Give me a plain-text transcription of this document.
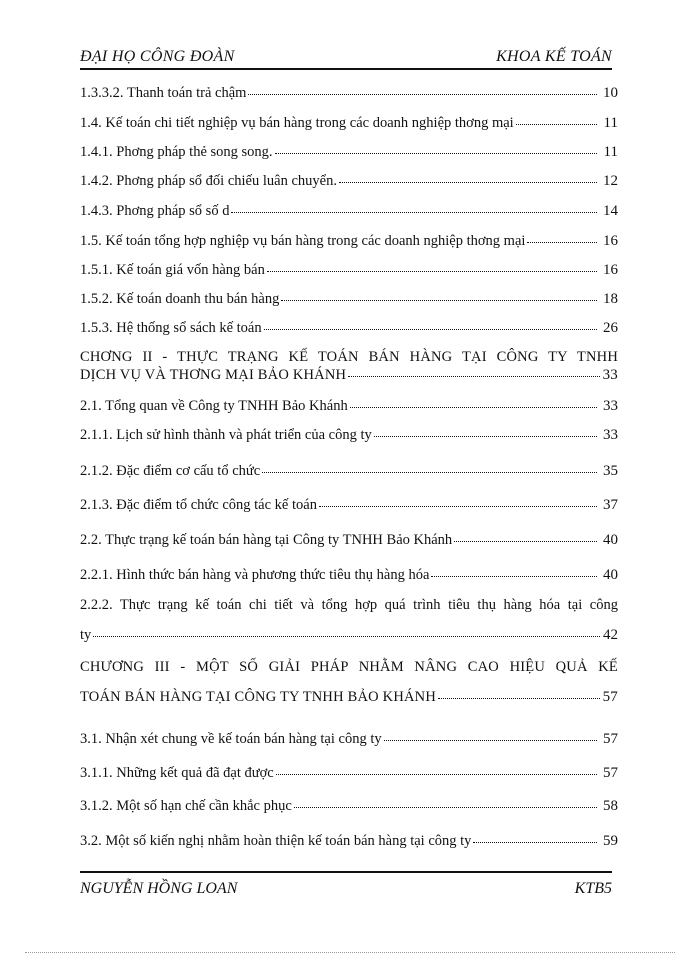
ĐẠI HỌ CÔNG ĐOÀN	KHOA KẾ TOÁN
1.3.3.2. Thanh toán trả chậm	10
1.4. Kế toán chi tiết nghiệp vụ bán hàng trong các doanh nghiệp thơng mại	11
1.4.1. Phơng pháp thẻ song song.	11
1.4.2. Phơng pháp sổ đối chiếu luân chuyển.	12
1.4.3. Phơng pháp sổ số d	14
1.5. Kế toán tổng hợp nghiệp vụ bán hàng trong các doanh nghiệp thơng mại	16
1.5.1. Kế toán giá vốn hàng bán	16
1.5.2. Kế toán doanh thu bán hàng	18
1.5.3. Hệ thống sổ sách kế toán	26
CHƠNG II - THỰC TRẠNG KẾ TOÁN BÁN HÀNG TẠI CÔNG TY TNHH
DỊCH VỤ VÀ THƠNG MẠI BẢO KHÁNH	33
2.1. Tổng quan về Công ty TNHH Bảo Khánh	33
2.1.1. Lịch sử hình thành và phát triển của công ty	33
2.1.2. Đặc điểm cơ cấu tổ chức	35
2.1.3. Đặc điểm tổ chức công tác kế toán	37
2.2. Thực trạng kế toán bán hàng tại Công ty TNHH Bảo Khánh	40
2.2.1. Hình thức bán hàng và phương thức tiêu thụ hàng hóa	40
2.2.2. Thực trạng kế toán chi tiết và tổng hợp quá trình tiêu thụ hàng hóa tại công
ty	42
CHƯƠNG III - MỘT SỐ GIẢI PHÁP NHẰM NÂNG CAO HIỆU QUẢ KẾ
TOÁN BÁN HÀNG TẠI CÔNG TY TNHH BẢO KHÁNH	57
3.1. Nhận xét chung về kế toán bán hàng tại công ty	57
3.1.1. Những kết quả đã đạt được	57
3.1.2. Một số hạn chế cần khắc phục	58
3.2. Một số kiến nghị nhằm hoàn thiện kế toán bán hàng tại công ty	59
NGUYỄN HỒNG LOAN	KTB5
